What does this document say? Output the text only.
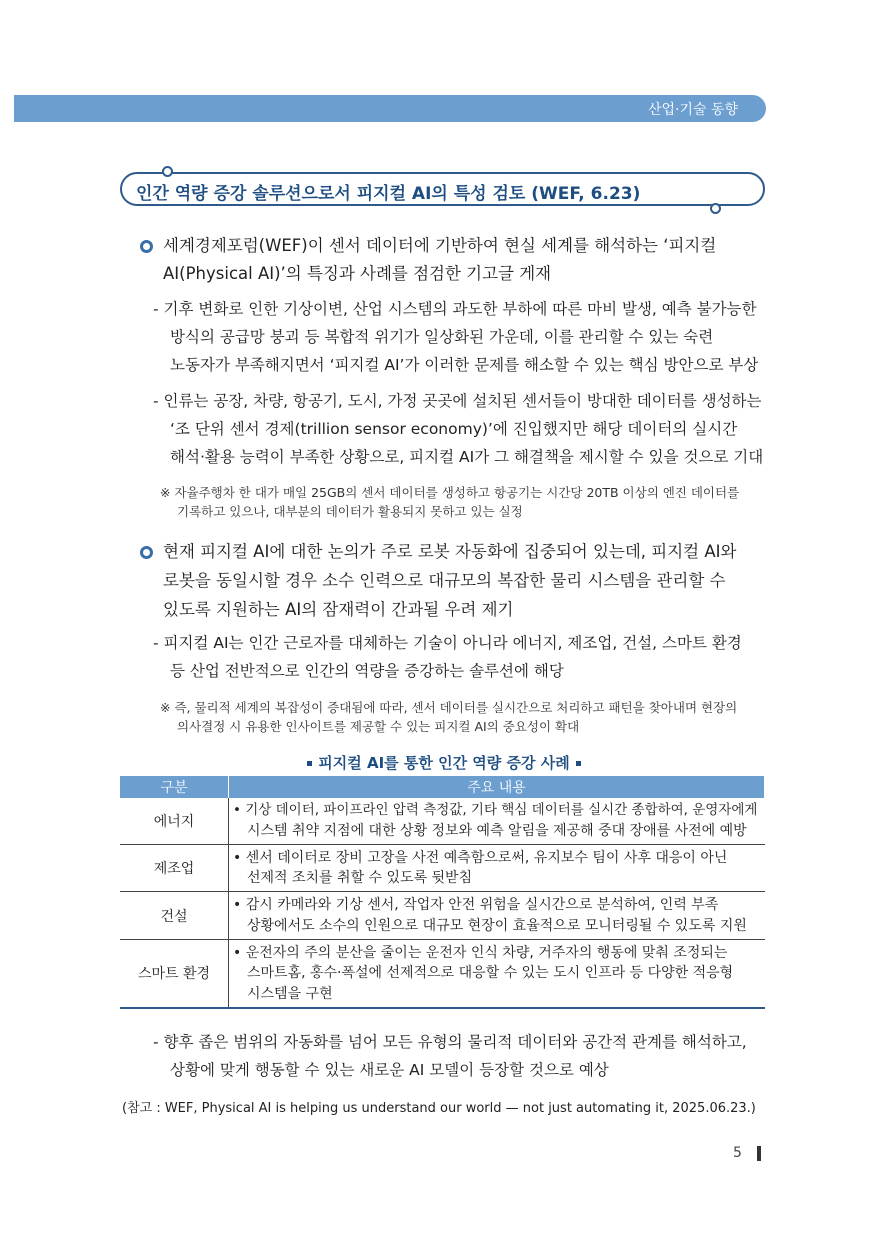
산업·기술 동향
인간 역량 증강 솔루션으로서 피지컬 AI의 특성 검토 (WEF, 6.23)
세계경제포럼(WEF)이 센서 데이터에 기반하여 현실 세계를 해석하는 ‘피지컬
AI(Physical AI)’의 특징과 사례를 점검한 기고글 게재
- 기후 변화로 인한 기상이변, 산업 시스템의 과도한 부하에 따른 마비 발생, 예측 불가능한
방식의 공급망 붕괴 등 복합적 위기가 일상화된 가운데, 이를 관리할 수 있는 숙련
노동자가 부족해지면서 ‘피지컬 AI’가 이러한 문제를 해소할 수 있는 핵심 방안으로 부상
- 인류는 공장, 차량, 항공기, 도시, 가정 곳곳에 설치된 센서들이 방대한 데이터를 생성하는
‘조 단위 센서 경제(trillion sensor economy)’에 진입했지만 해당 데이터의 실시간
해석·활용 능력이 부족한 상황으로, 피지컬 AI가 그 해결책을 제시할 수 있을 것으로 기대
※ 자율주행차 한 대가 매일 25GB의 센서 데이터를 생성하고 항공기는 시간당 20TB 이상의 엔진 데이터를
기록하고 있으나, 대부분의 데이터가 활용되지 못하고 있는 실정
현재 피지컬 AI에 대한 논의가 주로 로봇 자동화에 집중되어 있는데, 피지컬 AI와
로봇을 동일시할 경우 소수 인력으로 대규모의 복잡한 물리 시스템을 관리할 수
있도록 지원하는 AI의 잠재력이 간과될 우려 제기
- 피지컬 AI는 인간 근로자를 대체하는 기술이 아니라 에너지, 제조업, 건설, 스마트 환경
등 산업 전반적으로 인간의 역량을 증강하는 솔루션에 해당
※ 즉, 물리적 세계의 복잡성이 증대됨에 따라, 센서 데이터를 실시간으로 처리하고 패턴을 찾아내며 현장의
의사결정 시 유용한 인사이트를 제공할 수 있는 피지컬 AI의 중요성이 확대
피지컬 AI를 통한 인간 역량 증강 사례
구분	주요 내용
에너지	• 기상 데이터, 파이프라인 압력 측정값, 기타 핵심 데이터를 실시간 종합하여, 운영자에게
시스템 취약 지점에 대한 상황 정보와 예측 알림을 제공해 중대 장애를 사전에 예방

제조업	• 센서 데이터로 장비 고장을 사전 예측함으로써, 유지보수 팀이 사후 대응이 아닌
선제적 조치를 취할 수 있도록 뒷받침

건설	• 감시 카메라와 기상 센서, 작업자 안전 위험을 실시간으로 분석하여, 인력 부족
상황에서도 소수의 인원으로 대규모 현장이 효율적으로 모니터링될 수 있도록 지원

스마트 환경	• 운전자의 주의 분산을 줄이는 운전자 인식 차량, 거주자의 행동에 맞춰 조정되는
스마트홈, 홍수·폭설에 선제적으로 대응할 수 있는 도시 인프라 등 다양한 적응형
시스템을 구현
- 향후 좁은 범위의 자동화를 넘어 모든 유형의 물리적 데이터와 공간적 관계를 해석하고,
상황에 맞게 행동할 수 있는 새로운 AI 모델이 등장할 것으로 예상
(참고 : WEF, Physical AI is helping us understand our world — not just automating it, 2025.06.23.)
5
